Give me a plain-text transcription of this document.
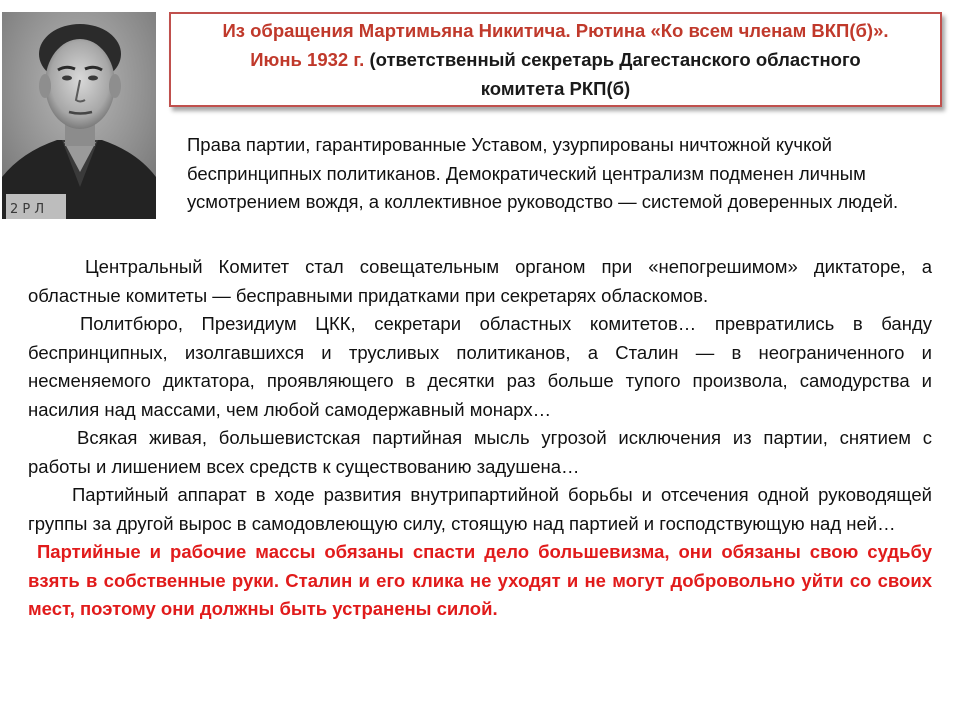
2 Р Л
Из обращения Мартимьяна Никитича. Рютина «Ко всем членам ВКП(б)». Июнь 1932 г. (ответственный секретарь Дагестанского областного комитета РКП(б)
Права партии, гарантированные Уставом, узурпированы ничтожной кучкой беспринципных политиканов. Демократический централизм подменен личным усмотрением вождя, а коллективное руководство — системой доверенных людей.

Центральный Комитет стал совещательным органом при «непогрешимом» диктаторе, а областные комитеты — бесправными придатками при секретарях обласкомов.

Политбюро, Президиум ЦКК, секретари областных комитетов… превратились в банду беспринципных, изолгавшихся и трусливых политиканов, а Сталин — в неограниченного и несменяемого диктатора, проявляющего в десятки раз больше тупого произвола, самодурства и насилия над массами, чем любой самодержавный монарх…

Всякая живая, большевистская партийная мысль угрозой исключения из партии, снятием с работы и лишением всех средств к существованию задушена…

Партийный аппарат в ходе развития внутрипартийной борьбы и отсечения одной руководящей группы за другой вырос в самодовлеющую силу, стоящую над партией и господствующую над ней…

Партийные и рабочие массы обязаны спасти дело большевизма, они обязаны свою судьбу взять в собственные руки. Сталин и его клика не уходят и не могут добровольно уйти со своих мест, поэтому они должны быть устранены силой.
